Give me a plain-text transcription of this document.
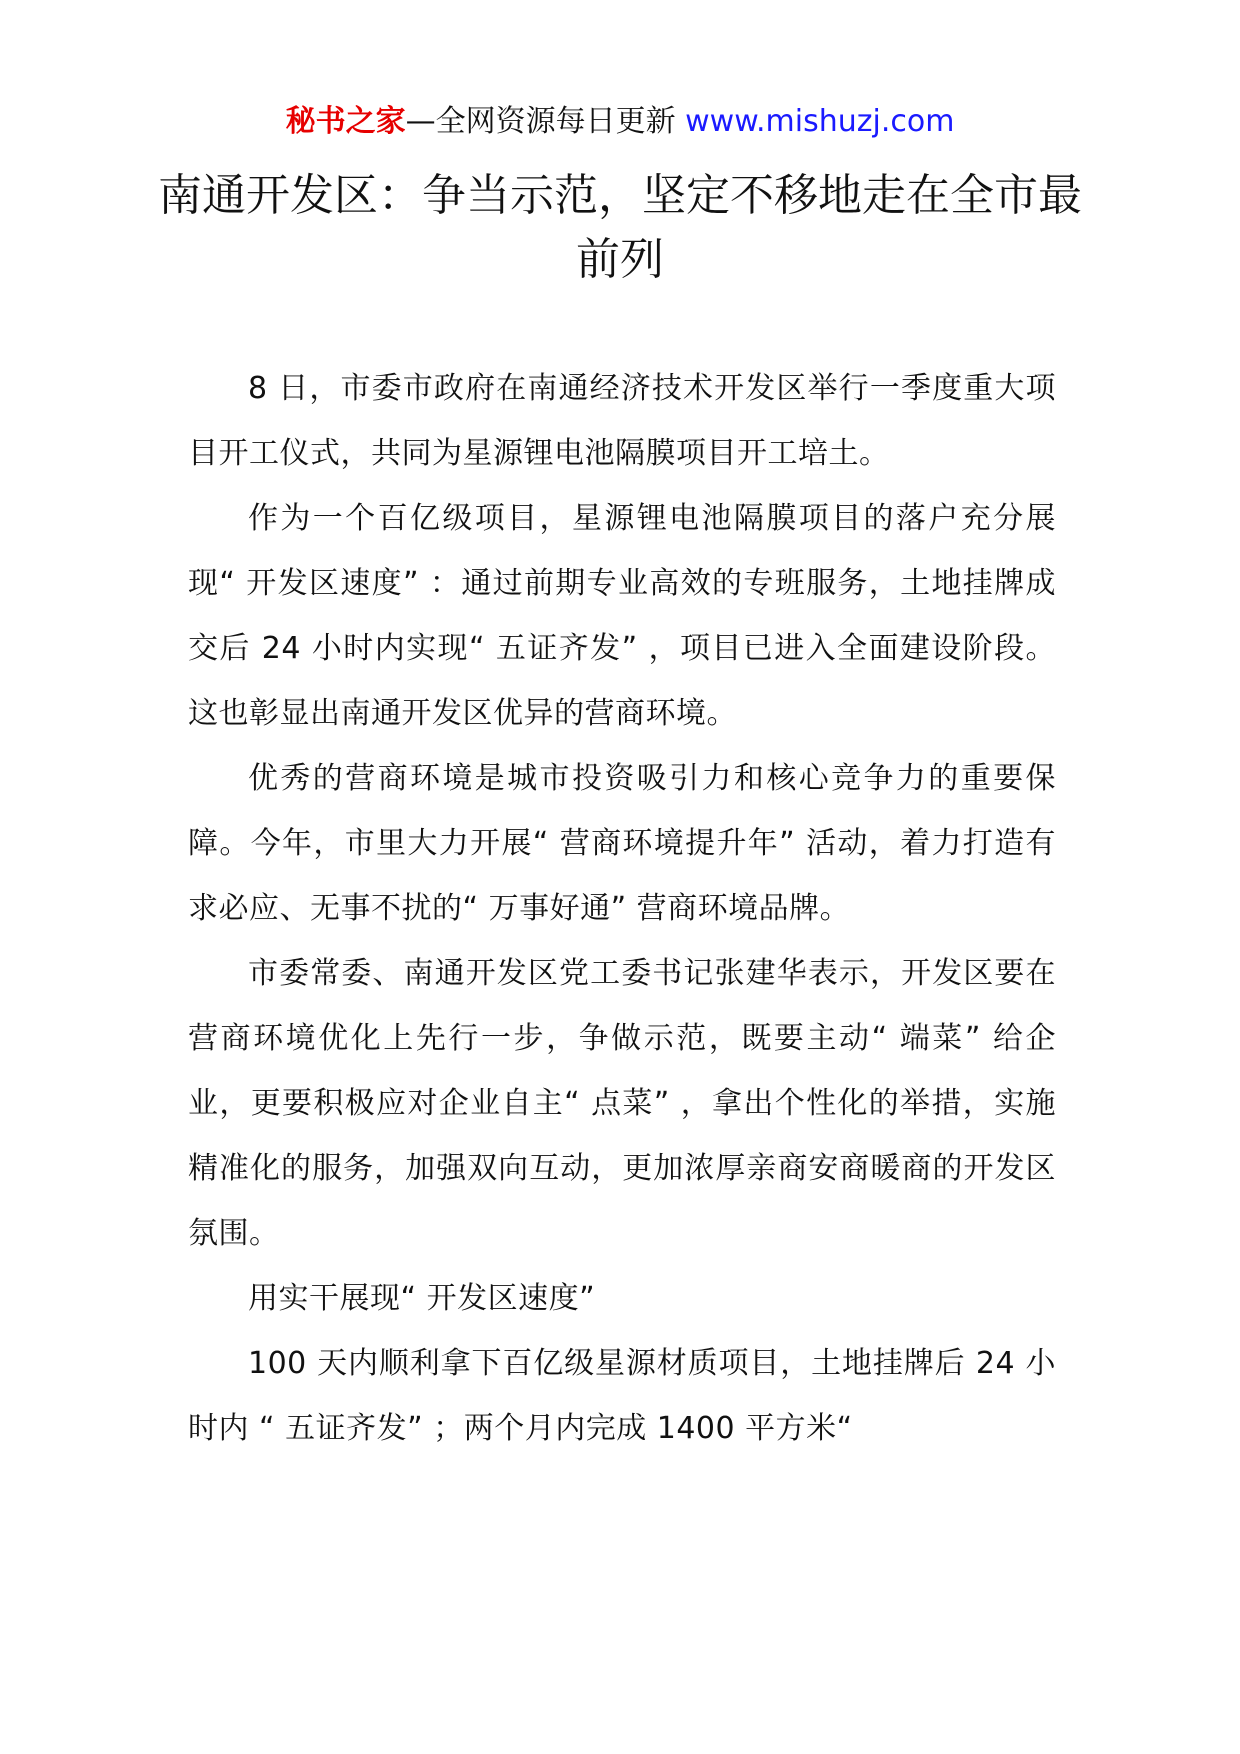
秘书之家—全网资源每日更新 www.mishuzj.com
南通开发区：争当示范，坚定不移地走在全市最前列

8 日，市委市政府在南通经济技术开发区举行一季度重大项目开工仪式，共同为星源锂电池隔膜项目开工培土。

作为一个百亿级项目，星源锂电池隔膜项目的落户充分展现“ 开发区速度” ：通过前期专业高效的专班服务，土地挂牌成交后 24 小时内实现“ 五证齐发” ，项目已进入全面建设阶段。这也彰显出南通开发区优异的营商环境。

优秀的营商环境是城市投资吸引力和核心竞争力的重要保障。今年，市里大力开展“ 营商环境提升年” 活动，着力打造有求必应、无事不扰的“ 万事好通” 营商环境品牌。

市委常委、南通开发区党工委书记张建华表示，开发区要在营商环境优化上先行一步，争做示范，既要主动“ 端菜” 给企业，更要积极应对企业自主“ 点菜” ，拿出个性化的举措，实施精准化的服务，加强双向互动，更加浓厚亲商安商暖商的开发区氛围。

用实干展现“ 开发区速度”

100 天内顺利拿下百亿级星源材质项目，土地挂牌后 24 小时内 “ 五证齐发” ；两个月内完成 1400 平方米“
